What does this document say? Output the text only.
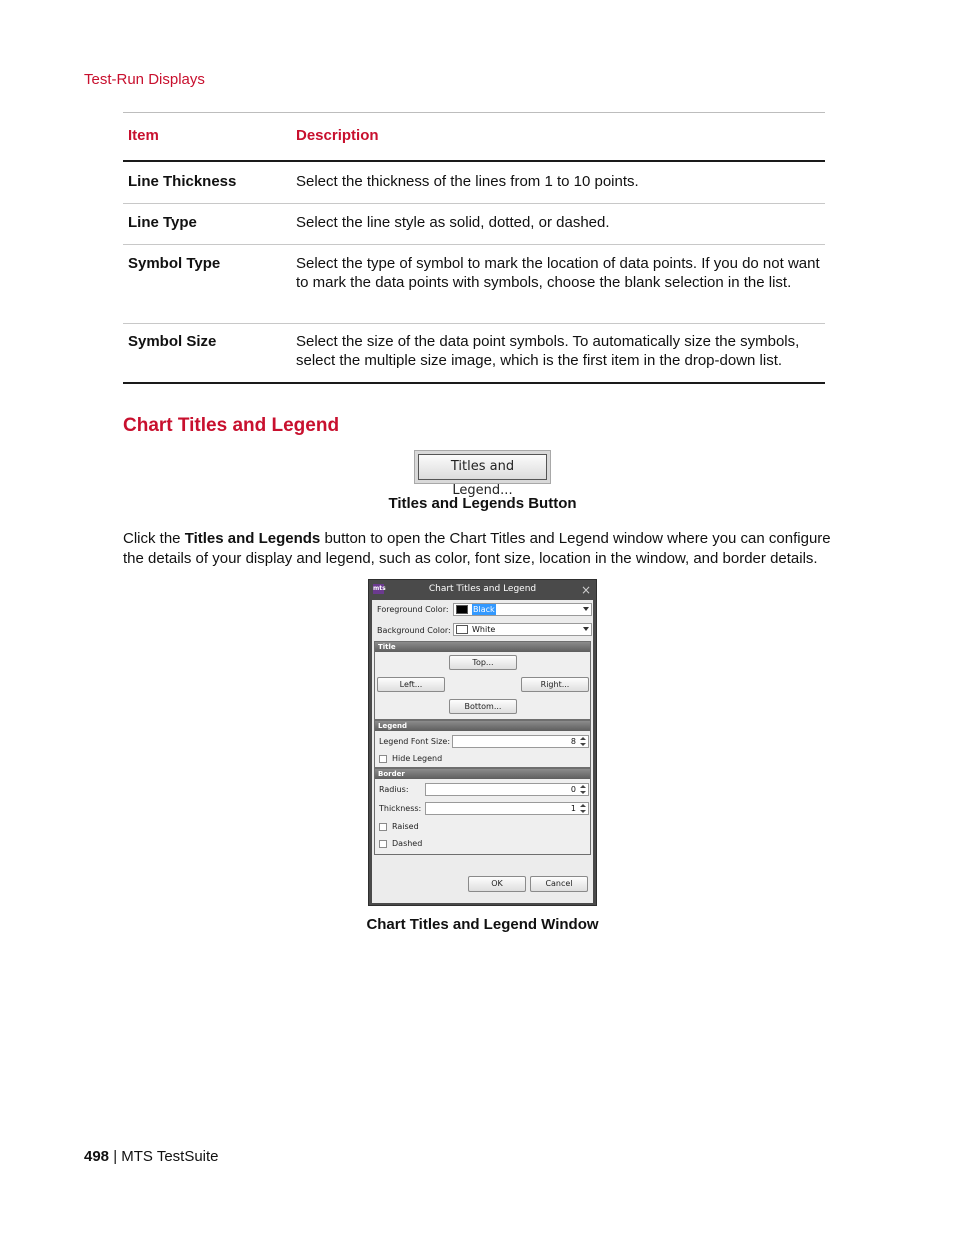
Test-Run Displays
Item	Description
Line Thickness	Select the thickness of the lines from 1 to 10 points.
Line Type	Select the line style as solid, dotted, or dashed.
Symbol Type	Select the type of symbol to mark the location of data points. If you do not want to mark the data points with symbols, choose the blank selection in the list.
Symbol Size	Select the size of the data point symbols. To automatically size the symbols, select the multiple size image, which is the first item in the drop-down list.
Chart Titles and Legend
Titles and Legend...
Titles and Legends Button
Click the Titles and Legends button to open the Chart Titles and Legend window where you can configure the details of your display and legend, such as color, font size, location in the window, and border details.
mts	Chart Titles and Legend	×
Foreground Color:	Black
Background Color:	White
Title
Top...
Left...	Right...
Bottom...
Legend
Legend Font Size:	8
Hide Legend
Border
Radius:	0
Thickness:	1
Raised
Dashed
OK	Cancel
Chart Titles and Legend Window
498 | MTS TestSuite
